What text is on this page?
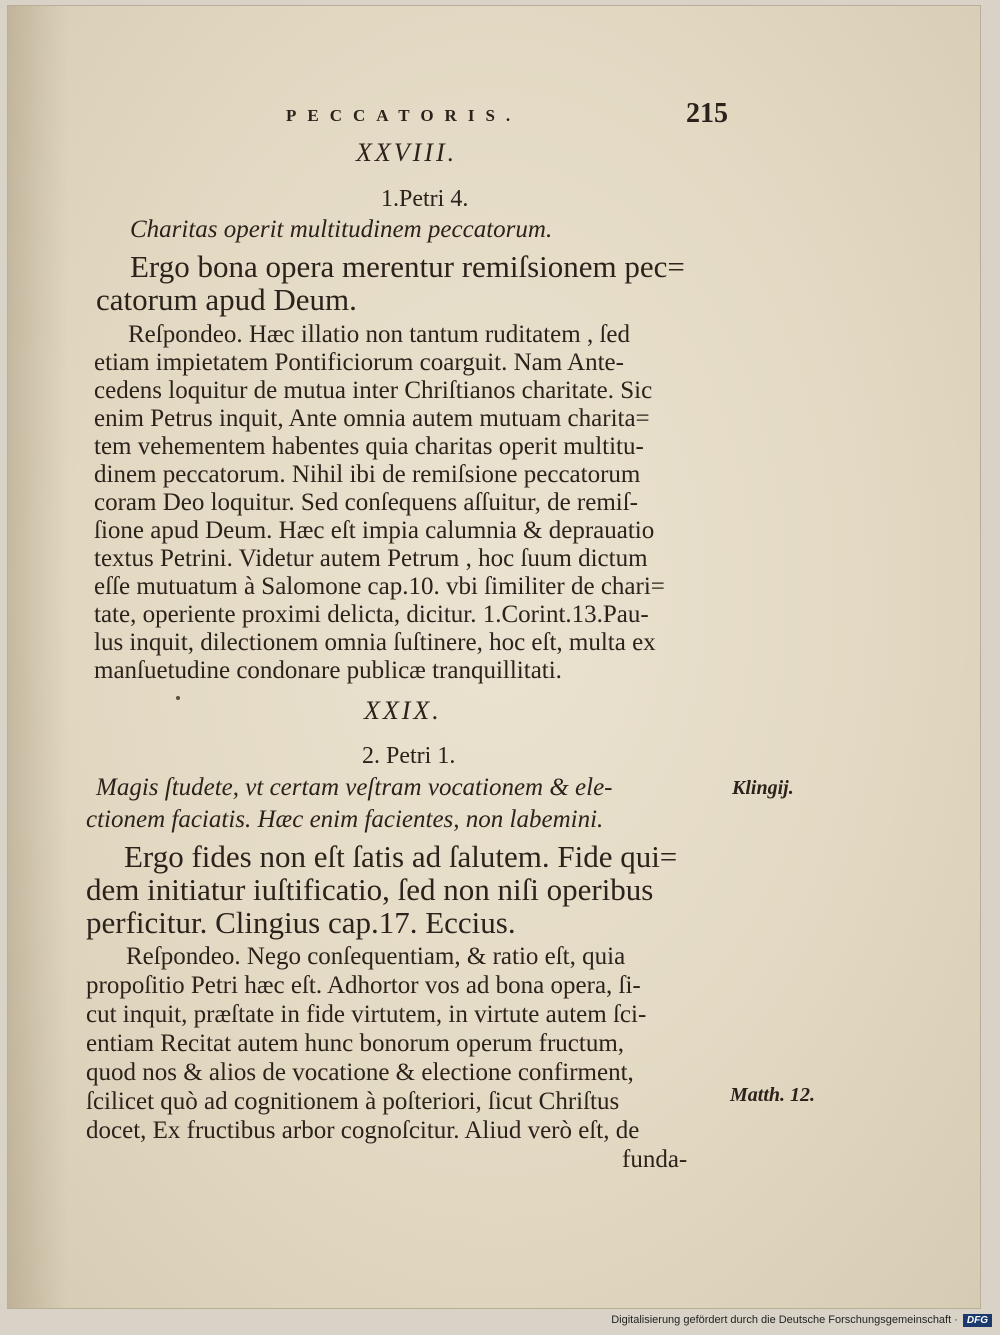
PECCATORIS.	215
XXVIII.
1.Petri 4.
Charitas operit multitudinem peccatorum.
Ergo bona opera merentur remiſsionem pec=
catorum apud Deum.
Reſpondeo. Hæc illatio non tantum ruditatem , ſed
etiam impietatem Pontificiorum coarguit. Nam Ante-
cedens loquitur de mutua inter Chriſtianos charitate. Sic
enim Petrus inquit, Ante omnia autem mutuam charita=
tem vehementem habentes quia charitas operit multitu-
dinem peccatorum. Nihil ibi de remiſsione peccatorum
coram Deo loquitur. Sed conſequens aſſuitur, de remiſ-
ſione apud Deum. Hæc eſt impia calumnia & deprauatio
textus Petrini. Videtur autem Petrum , hoc ſuum dictum
eſſe mutuatum à Salomone cap.10. vbi ſimiliter de chari=
tate, operiente proximi delicta, dicitur. 1.Corint.13.Pau-
lus inquit, dilectionem omnia ſuſtinere, hoc eſt, multa ex
manſuetudine condonare publicæ tranquillitati.
XXIX.
2. Petri 1.
Magis ſtudete, vt certam veſtram vocationem & ele-
ctionem faciatis. Hæc enim facientes, non labemini.
Klingij.
Ergo fides non eſt ſatis ad ſalutem. Fide qui=
dem initiatur iuſtificatio, ſed non niſi operibus
perficitur. Clingius cap.17. Eccius.
Reſpondeo. Nego conſequentiam, & ratio eſt, quia
propoſitio Petri hæc eſt. Adhortor vos ad bona opera, ſi-
cut inquit, præſtate in fide virtutem, in virtute autem ſci-
entiam Recitat autem hunc bonorum operum fructum,
quod nos & alios de vocatione & electione confirment,
ſcilicet quò ad cognitionem à poſteriori, ſicut Chriſtus
docet, Ex fructibus arbor cognoſcitur. Aliud verò eſt, de
Matth. 12.
funda-
Digitalisierung gefördert durch die Deutsche Forschungsgemeinschaft · DFG
